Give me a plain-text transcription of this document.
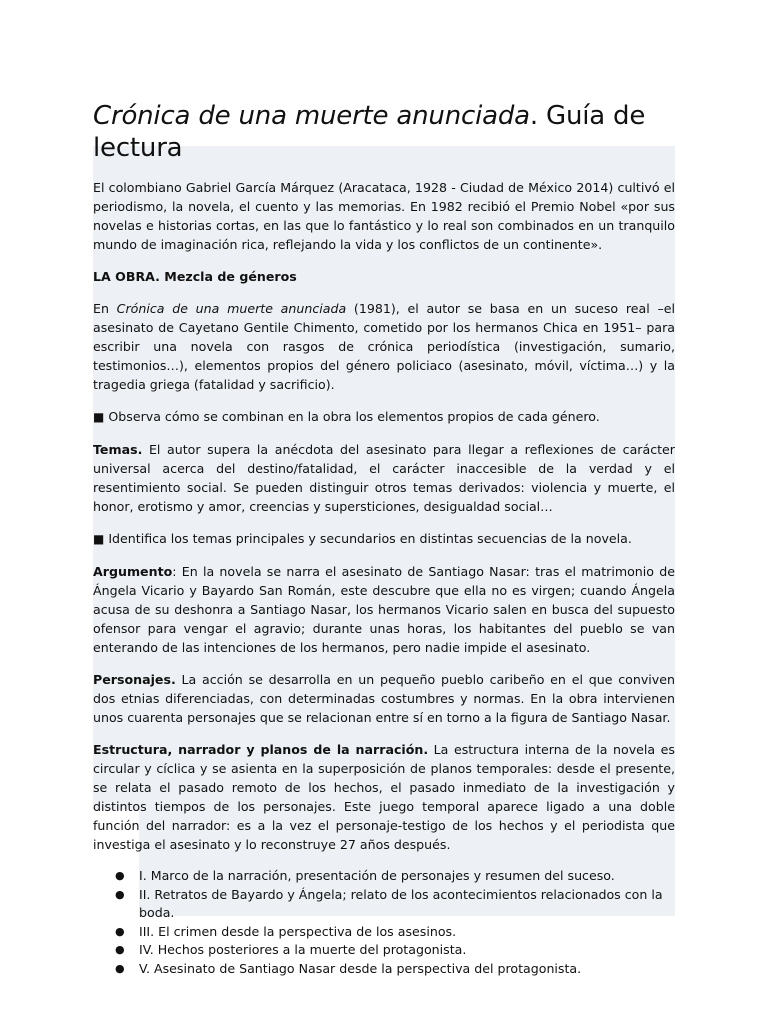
Crónica de una muerte anunciada. Guía de lectura

El colombiano Gabriel García Márquez (Aracataca, 1928 - Ciudad de México 2014) cultivó el periodismo, la novela, el cuento y las memorias. En 1982 recibió el Premio Nobel «por sus novelas e historias cortas, en las que lo fantástico y lo real son combinados en un tranquilo mundo de imaginación rica, reflejando la vida y los conflictos de un continente».

LA OBRA. Mezcla de géneros

En Crónica de una muerte anunciada (1981), el autor se basa en un suceso real –el asesinato de Cayetano Gentile Chimento, cometido por los hermanos Chica en 1951– para escribir una novela con rasgos de crónica periodística (investigación, sumario, testimonios…), elementos propios del género policiaco (asesinato, móvil, víctima…) y la tragedia griega (fatalidad y sacrificio).

■ Observa cómo se combinan en la obra los elementos propios de cada género.

Temas. El autor supera la anécdota del asesinato para llegar a reflexiones de carácter universal acerca del destino/fatalidad, el carácter inaccesible de la verdad y el resentimiento social. Se pueden distinguir otros temas derivados: violencia y muerte, el honor, erotismo y amor, creencias y supersticiones, desigualdad social…

■ Identifica los temas principales y secundarios en distintas secuencias de la novela.

Argumento: En la novela se narra el asesinato de Santiago Nasar: tras el matrimonio de Ángela Vicario y Bayardo San Román, este descubre que ella no es virgen; cuando Ángela acusa de su deshonra a Santiago Nasar, los hermanos Vicario salen en busca del supuesto ofensor para vengar el agravio; durante unas horas, los habitantes del pueblo se van enterando de las intenciones de los hermanos, pero nadie impide el asesinato.

Personajes. La acción se desarrolla en un pequeño pueblo caribeño en el que conviven dos etnias diferenciadas, con determinadas costumbres y normas. En la obra intervienen unos cuarenta personajes que se relacionan entre sí en torno a la figura de Santiago Nasar.

Estructura, narrador y planos de la narración. La estructura interna de la novela es circular y cíclica y se asienta en la superposición de planos temporales: desde el presente, se relata el pasado remoto de los hechos, el pasado inmediato de la investigación y distintos tiempos de los personajes. Este juego temporal aparece ligado a una doble función del narrador: es a la vez el personaje-testigo de los hechos y el periodista que investiga el asesinato y lo reconstruye 27 años después.

● I. Marco de la narración, presentación de personajes y resumen del suceso.
● II. Retratos de Bayardo y Ángela; relato de los acontecimientos relacionados con la boda.
● III. El crimen desde la perspectiva de los asesinos.
● IV. Hechos posteriores a la muerte del protagonista.
● V. Asesinato de Santiago Nasar desde la perspectiva del protagonista.
